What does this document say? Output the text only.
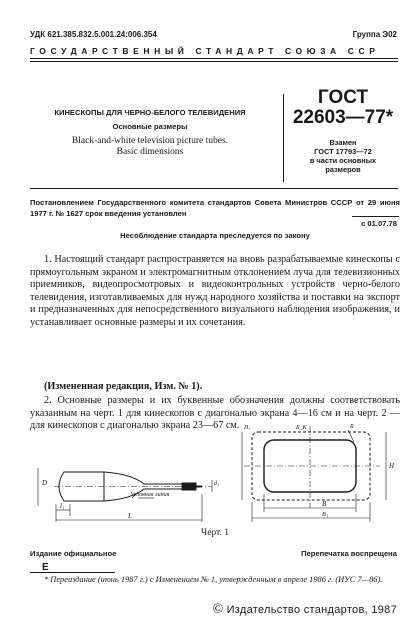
УДК 621.385.832.5.001.24:006.354	Группа Э02
ГОСУДАРСТВЕННЫЙ СТАНДАРТ СОЮЗА ССР
КИНЕСКОПЫ ДЛЯ ЧЕРНО-БЕЛОГО ТЕЛЕВИДЕНИЯ
Основные размеры
Black-and-white television picture tubes.
Basic dimensions
ГОСТ
22603—77*
Взамен
ГОСТ 17793—72
в части основных
размеров
Постановлением Государственного комитета стандартов Совета Министров СССР от 29 июня 1977 г. № 1627 срок введения установлен
с 01.07.78
Несоблюдение стандарта преследуется по закону

1. Настоящий стандарт распространяется на вновь разрабатываемые кинескопы с прямоугольным экраном и электромагнитным отклонением луча для телевизионных приемников, видеопросмотровых и видеоконтрольных устройств черно-белого телевидения, изготавливаемых для нужд народного хозяйства и поставки на экспорт и предназначенных для непосредственного визуального наблюдения изображения, и устанавливает основные размеры и их сочетания.

(Измененная редакция, Изм. № 1).

2. Основные размеры и их буквенные обозначения должны соответствовать указанным на черт. 1 для кинескопов с диагональю экрана 4—16 см и на черт. 2 — для кинескопов с диагональю экрана 23—67 см.

D
l₁
L
d₁
Условная линия
H₁	R_K	R
H
B
B₁
Черт. 1
Издание официальное	Перепечатка воспрещена
Е
* Переиздание (июнь 1987 г.) с Изменением № 1, утвержденным в апреле 1986 г. (ИУС 7—86).
© Издательство стандартов, 1987
